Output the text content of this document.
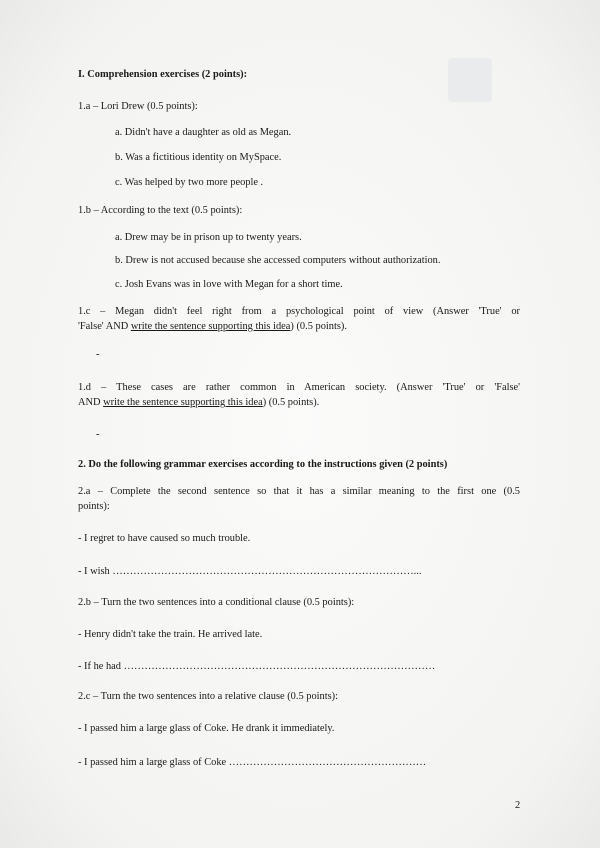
I. Comprehension exercises (2 points):
1.a – Lori Drew (0.5 points):
a. Didn't have a daughter as old as Megan.
b. Was a fictitious identity on MySpace.
c. Was helped by two more people .
1.b – According to the text (0.5 points):
a. Drew may be in prison up to twenty years.
b. Drew is not accused because she accessed computers without authorization.
c. Josh Evans was in love with Megan for a short time.
1.c – Megan didn't feel right from a psychological point of view (Answer 'True' or
'False' AND write the sentence supporting this idea) (0.5 points).
-
1.d – These cases are rather common in American society. (Answer 'True' or 'False'
AND write the sentence supporting this idea) (0.5 points).
-
2. Do the following grammar exercises according to the instructions given (2 points)
2.a – Complete the second sentence so that it has a similar meaning to the first one (0.5
points):
- I regret to have caused so much trouble.
- I wish ……………………………………………………………………………...
2.b – Turn the two sentences into a conditional clause (0.5 points):
- Henry didn't take the train. He arrived late.
- If he had ………………………………………………………………………………
2.c – Turn the two sentences into a relative clause (0.5 points):
- I passed him a large glass of Coke. He drank it immediately.
- I passed him a large glass of Coke …………………………………………………
2
